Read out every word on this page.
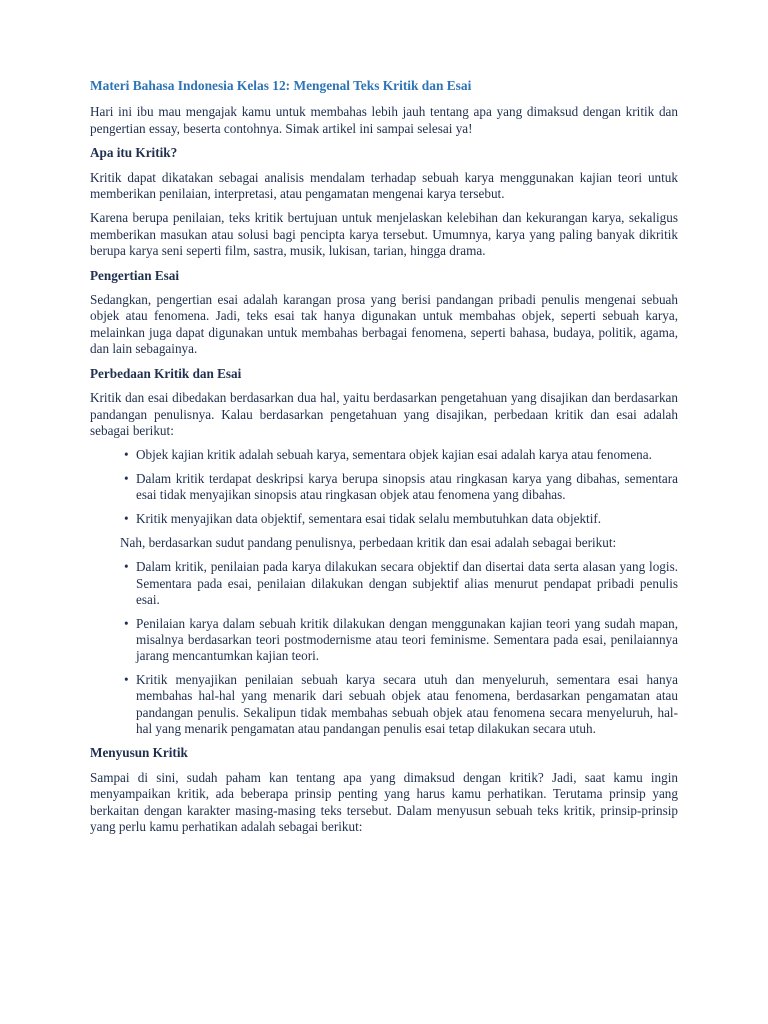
Materi Bahasa Indonesia Kelas 12: Mengenal Teks Kritik dan Esai

Hari ini ibu mau mengajak kamu untuk membahas lebih jauh tentang apa yang dimaksud dengan kritik dan pengertian essay, beserta contohnya. Simak artikel ini sampai selesai ya!

Apa itu Kritik?

Kritik dapat dikatakan sebagai analisis mendalam terhadap sebuah karya menggunakan kajian teori untuk memberikan penilaian, interpretasi, atau pengamatan mengenai karya tersebut.

Karena berupa penilaian, teks kritik bertujuan untuk menjelaskan kelebihan dan kekurangan karya, sekaligus memberikan masukan atau solusi bagi pencipta karya tersebut. Umumnya, karya yang paling banyak dikritik berupa karya seni seperti film, sastra, musik, lukisan, tarian, hingga drama.

Pengertian Esai

Sedangkan, pengertian esai adalah karangan prosa yang berisi pandangan pribadi penulis mengenai sebuah objek atau fenomena. Jadi, teks esai tak hanya digunakan untuk membahas objek, seperti sebuah karya, melainkan juga dapat digunakan untuk membahas berbagai fenomena, seperti bahasa, budaya, politik, agama, dan lain sebagainya.

Perbedaan Kritik dan Esai

Kritik dan esai dibedakan berdasarkan dua hal, yaitu berdasarkan pengetahuan yang disajikan dan berdasarkan pandangan penulisnya. Kalau berdasarkan pengetahuan yang disajikan, perbedaan kritik dan esai adalah sebagai berikut:

• Objek kajian kritik adalah sebuah karya, sementara objek kajian esai adalah karya atau fenomena.
• Dalam kritik terdapat deskripsi karya berupa sinopsis atau ringkasan karya yang dibahas, sementara esai tidak menyajikan sinopsis atau ringkasan objek atau fenomena yang dibahas.
• Kritik menyajikan data objektif, sementara esai tidak selalu membutuhkan data objektif.

Nah, berdasarkan sudut pandang penulisnya, perbedaan kritik dan esai adalah sebagai berikut:

• Dalam kritik, penilaian pada karya dilakukan secara objektif dan disertai data serta alasan yang logis. Sementara pada esai, penilaian dilakukan dengan subjektif alias menurut pendapat pribadi penulis esai.
• Penilaian karya dalam sebuah kritik dilakukan dengan menggunakan kajian teori yang sudah mapan, misalnya berdasarkan teori postmodernisme atau teori feminisme. Sementara pada esai, penilaiannya jarang mencantumkan kajian teori.
• Kritik menyajikan penilaian sebuah karya secara utuh dan menyeluruh, sementara esai hanya membahas hal-hal yang menarik dari sebuah objek atau fenomena, berdasarkan pengamatan atau pandangan penulis. Sekalipun tidak membahas sebuah objek atau fenomena secara menyeluruh, hal-hal yang menarik pengamatan atau pandangan penulis esai tetap dilakukan secara utuh.
Menyusun Kritik

Sampai di sini, sudah paham kan tentang apa yang dimaksud dengan kritik? Jadi, saat kamu ingin menyampaikan kritik, ada beberapa prinsip penting yang harus kamu perhatikan. Terutama prinsip yang berkaitan dengan karakter masing-masing teks tersebut. Dalam menyusun sebuah teks kritik, prinsip-prinsip yang perlu kamu perhatikan adalah sebagai berikut:
